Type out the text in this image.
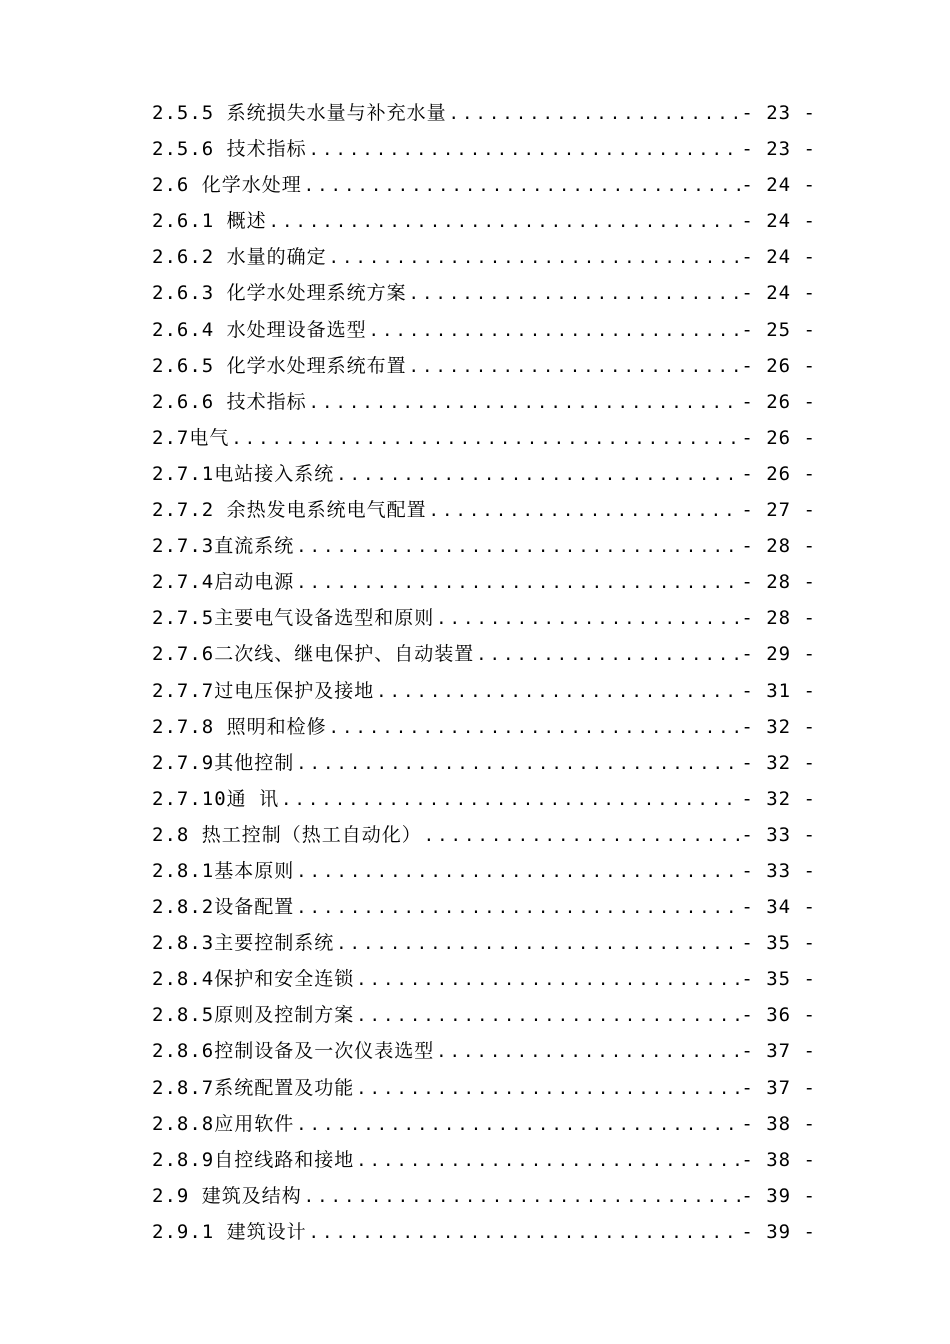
2.5.5 系统损失水量与补充水量 .....	- 23 -
2.5.6 技术指标 .....	- 23 -
2.6 化学水处理 .....	- 24 -
2.6.1 概述 .....	- 24 -
2.6.2 水量的确定 .....	- 24 -
2.6.3 化学水处理系统方案 .....	- 24 -
2.6.4 水处理设备选型 .....	- 25 -
2.6.5 化学水处理系统布置 .....	- 26 -
2.6.6 技术指标 .....	- 26 -
2.7电气 .....	- 26 -
2.7.1电站接入系统 .....	- 26 -
2.7.2 余热发电系统电气配置 .....	- 27 -
2.7.3直流系统 .....	- 28 -
2.7.4启动电源 .....	- 28 -
2.7.5主要电气设备选型和原则 .....	- 28 -
2.7.6二次线、继电保护、自动装置 .....	- 29 -
2.7.7过电压保护及接地 .....	- 31 -
2.7.8 照明和检修 .....	- 32 -
2.7.9其他控制 .....	- 32 -
2.7.10通 讯 .....	- 32 -
2.8 热工控制（热工自动化） .....	- 33 -
2.8.1基本原则 .....	- 33 -
2.8.2设备配置 .....	- 34 -
2.8.3主要控制系统 .....	- 35 -
2.8.4保护和安全连锁 .....	- 35 -
2.8.5原则及控制方案 .....	- 36 -
2.8.6控制设备及一次仪表选型 .....	- 37 -
2.8.7系统配置及功能 .....	- 37 -
2.8.8应用软件 .....	- 38 -
2.8.9自控线路和接地 .....	- 38 -
2.9 建筑及结构 .....	- 39 -
2.9.1 建筑设计 .....	- 39 -
